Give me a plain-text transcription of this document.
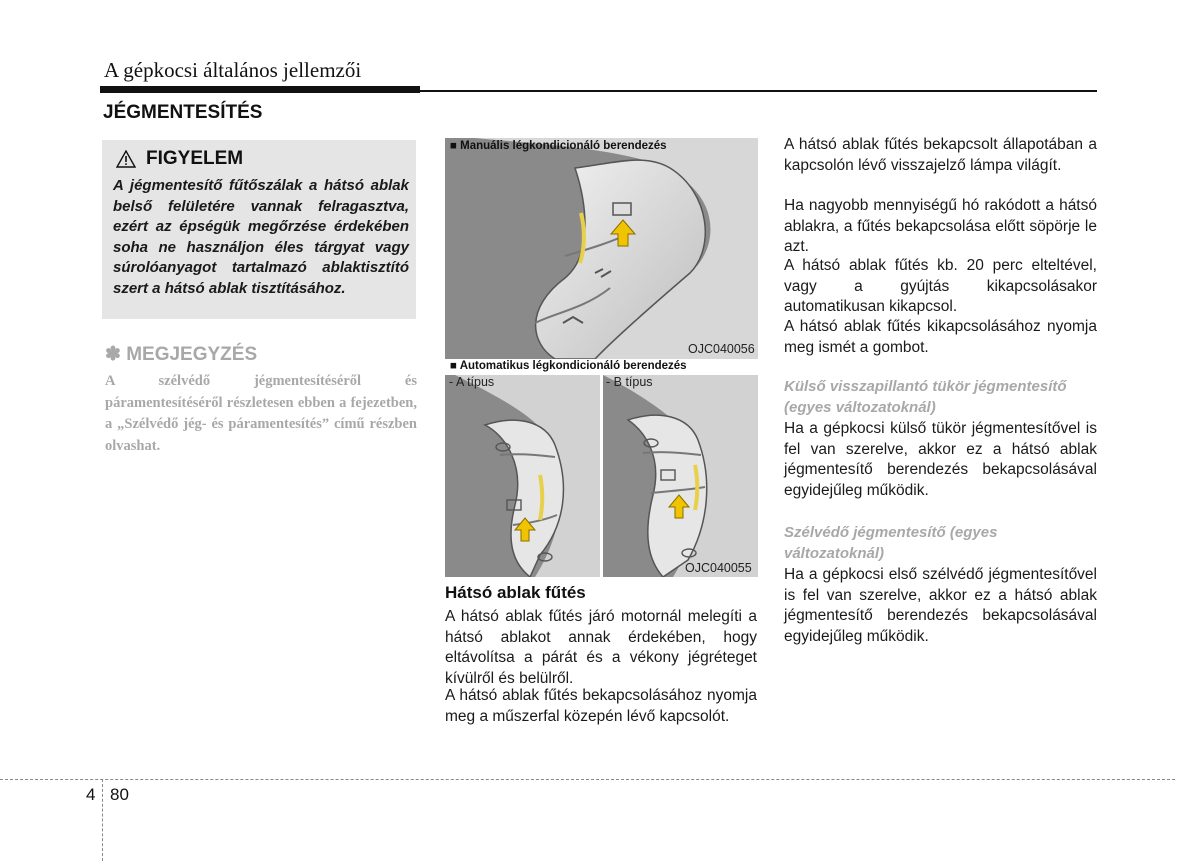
A gépkocsi általános jellemzői
JÉGMENTESÍTÉS
FIGYELEM
A jégmentesítő fűtőszálak a hátsó ablak belső felületére vannak felragasztva, ezért az épségük megőrzése érdekében soha ne használjon éles tárgyat vagy súrolóanyagot tartalmazó ablaktisztító szert a hátsó ablak tisztításához.
✽ MEGJEGYZÉS
A szélvédő jégmentesítéséről és páramentesítéséről részletesen ebben a fejezetben, a „Szélvédő jég- és páramentesítés” című részben olvashat.
■ Manuális légkondicionáló berendezés
OJC040056
■ Automatikus légkondicionáló berendezés
- A típus	- B típus
OJC040055
Hátsó ablak fűtés
A hátsó ablak fűtés járó motornál melegíti a hátsó ablakot annak érdekében, hogy eltávolítsa a párát és a vékony jégréteget kívülről és belülről.
A hátsó ablak fűtés bekapcsolásához nyomja meg a műszerfal közepén lévő kapcsolót.
A hátsó ablak fűtés bekapcsolt állapotában a kapcsolón lévő visszajelző lámpa világít.
Ha nagyobb mennyiségű hó rakódott a hátsó ablakra, a fűtés bekapcsolása előtt söpörje le azt.
A hátsó ablak fűtés kb. 20 perc elteltével, vagy a gyújtás kikapcsolásakor automatikusan kikapcsol.
A hátsó ablak fűtés kikapcsolásához nyomja meg ismét a gombot.
Külső visszapillantó tükör jégmentesítő (egyes változatoknál)
Ha a gépkocsi külső tükör jégmentesítővel is fel van szerelve, akkor ez a hátsó ablak jégmentesítő berendezés bekapcsolásával egyidejűleg működik.
Szélvédő jégmentesítő (egyes változatoknál)
Ha a gépkocsi első szélvédő jégmentesítővel is fel van szerelve, akkor ez a hátsó ablak jégmentesítő berendezés bekapcsolásával egyidejűleg működik.
4 80
